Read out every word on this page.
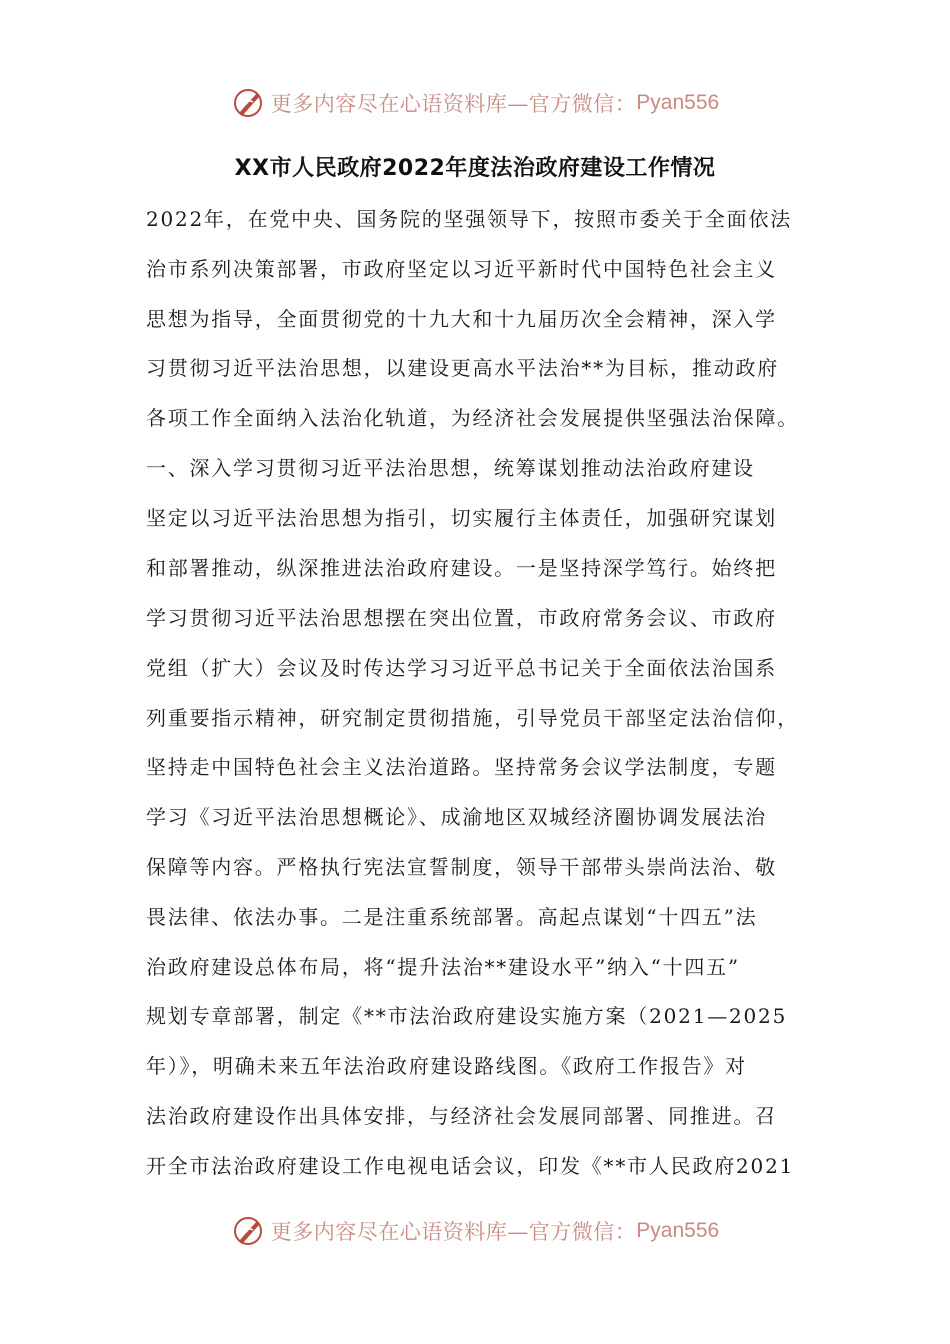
更多内容尽在心语资料库—官方微信： Pyan556
XX市人民政府2022年度法治政府建设工作情况
2022年，在党中央、国务院的坚强领导下，按照市委关于全面依法
治市系列决策部署，市政府坚定以习近平新时代中国特色社会主义
思想为指导，全面贯彻党的十九大和十九届历次全会精神，深入学
习贯彻习近平法治思想，以建设更高水平法治**为目标，推动政府
各项工作全面纳入法治化轨道，为经济社会发展提供坚强法治保障。
一、深入学习贯彻习近平法治思想，统筹谋划推动法治政府建设
坚定以习近平法治思想为指引，切实履行主体责任，加强研究谋划
和部署推动，纵深推进法治政府建设。一是坚持深学笃行。始终把
学习贯彻习近平法治思想摆在突出位置，市政府常务会议、市政府
党组（扩大）会议及时传达学习习近平总书记关于全面依法治国系
列重要指示精神，研究制定贯彻措施，引导党员干部坚定法治信仰，
坚持走中国特色社会主义法治道路。坚持常务会议学法制度，专题
学习《习近平法治思想概论》、成渝地区双城经济圈协调发展法治
保障等内容。严格执行宪法宣誓制度，领导干部带头崇尚法治、敬
畏法律、依法办事。二是注重系统部署。高起点谋划“十四五”法
治政府建设总体布局，将“提升法治**建设水平”纳入“十四五”
规划专章部署，制定《**市法治政府建设实施方案（2021—2025
年）》，明确未来五年法治政府建设路线图。《政府工作报告》对
法治政府建设作出具体安排，与经济社会发展同部署、同推进。召
开全市法治政府建设工作电视电话会议，印发《**市人民政府2021
更多内容尽在心语资料库—官方微信： Pyan556
